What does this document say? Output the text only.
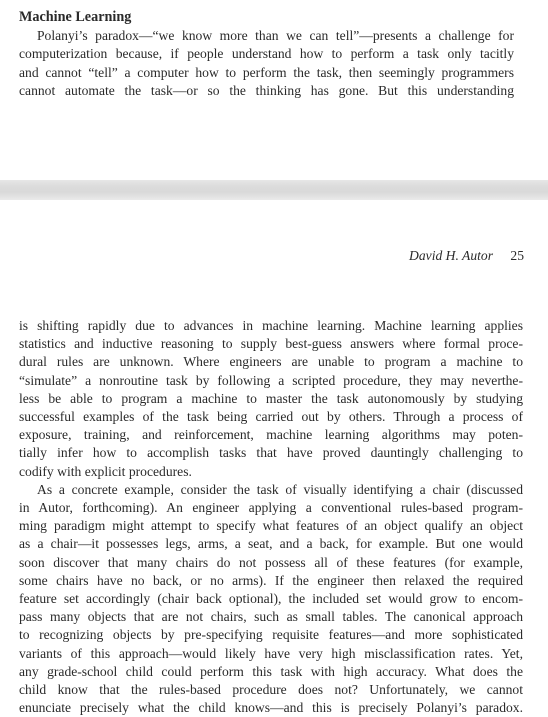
Machine Learning
Polanyi’s paradox—“we know more than we can tell”—presents a challenge for
computerization because, if people understand how to perform a task only tacitly
and cannot “tell” a computer how to perform the task, then seemingly programmers
cannot automate the task—or so the thinking has gone. But this understanding
David H. Autor 25
is shifting rapidly due to advances in machine learning. Machine learning applies
statistics and inductive reasoning to supply best-guess answers where formal proce-
dural rules are unknown. Where engineers are unable to program a machine to
“simulate” a nonroutine task by following a scripted procedure, they may neverthe-
less be able to program a machine to master the task autonomously by studying
successful examples of the task being carried out by others. Through a process of
exposure, training, and reinforcement, machine learning algorithms may poten-
tially infer how to accomplish tasks that have proved dauntingly challenging to
codify with explicit procedures.
As a concrete example, consider the task of visually identifying a chair (discussed
in Autor, forthcoming). An engineer applying a conventional rules-based program-
ming paradigm might attempt to specify what features of an object qualify an object
as a chair—it possesses legs, arms, a seat, and a back, for example. But one would
soon discover that many chairs do not possess all of these features (for example,
some chairs have no back, or no arms). If the engineer then relaxed the required
feature set accordingly (chair back optional), the included set would grow to encom-
pass many objects that are not chairs, such as small tables. The canonical approach
to recognizing objects by pre-specifying requisite features—and more sophisticated
variants of this approach—would likely have very high misclassification rates. Yet,
any grade-school child could perform this task with high accuracy. What does the
child know that the rules-based procedure does not? Unfortunately, we cannot
enunciate precisely what the child knows—and this is precisely Polanyi’s paradox.
